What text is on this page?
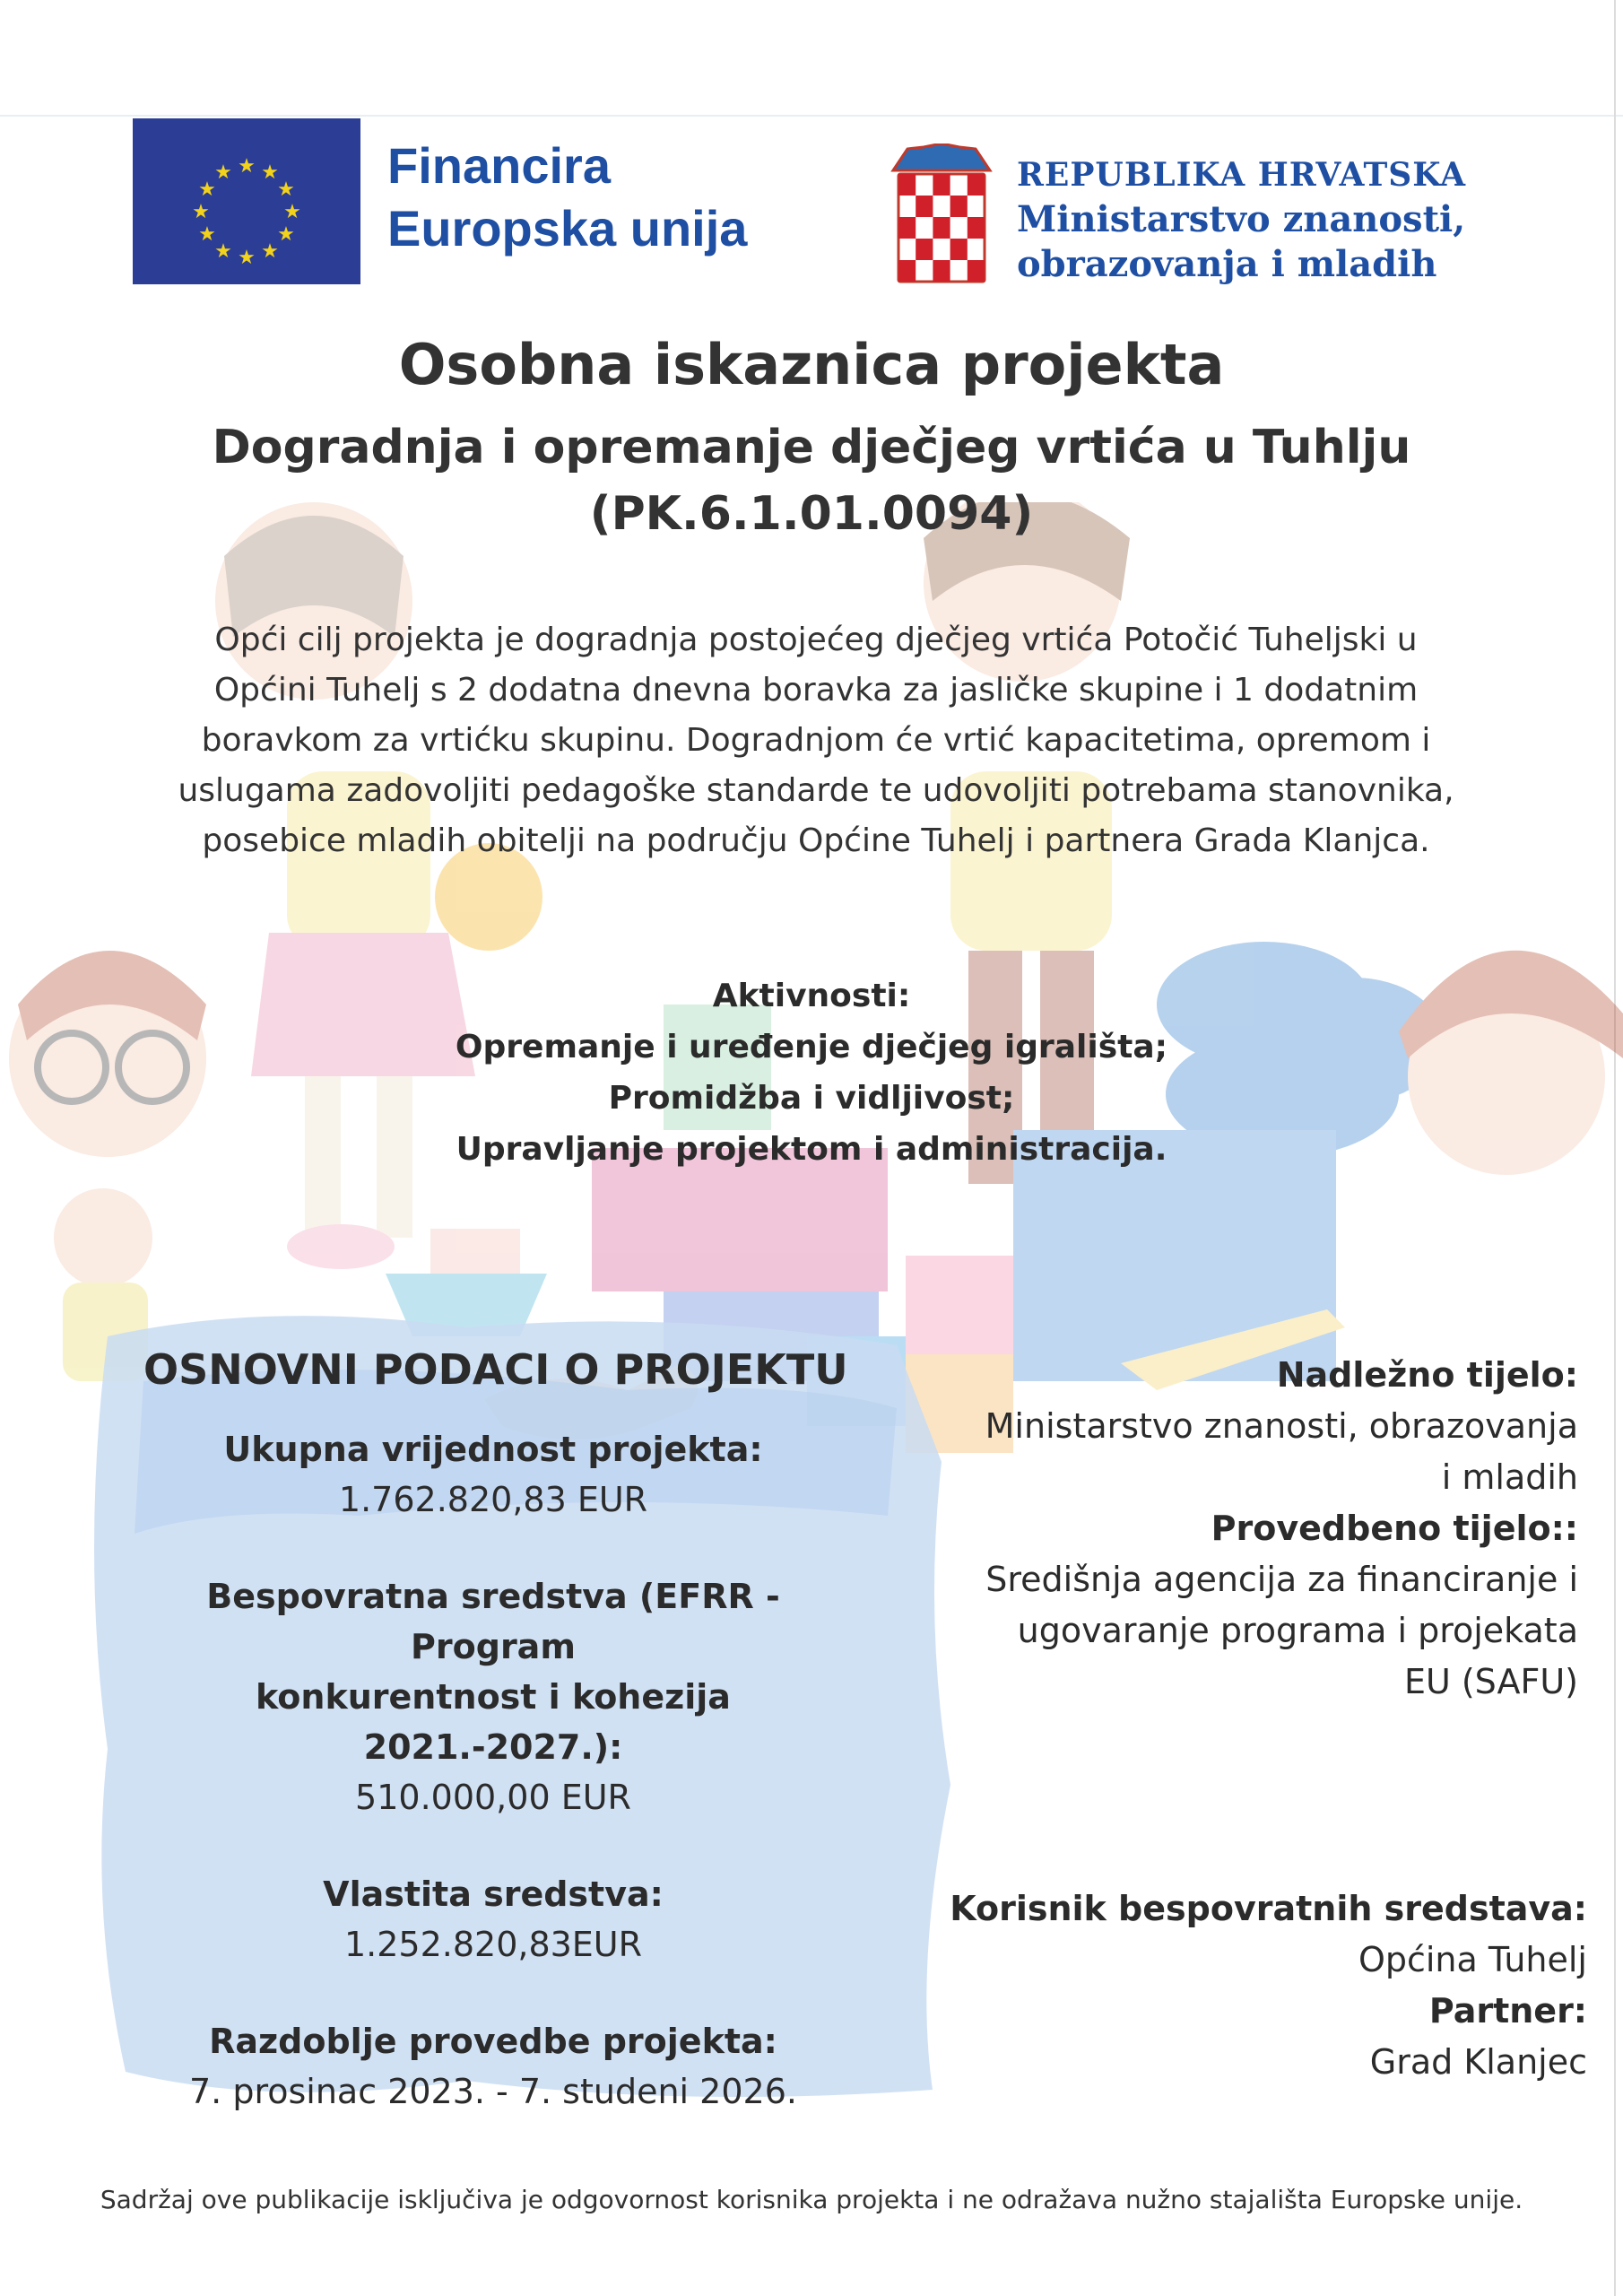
★ ★
★
★
★
★
★
★
★
★
★
★	Financira
Europska unija
REPUBLIKA HRVATSKA
Ministarstvo znanosti,
obrazovanja i mladih
Osobna iskaznica projekta
Dogradnja i opremanje dječjeg vrtića u Tuhlju
(PK.6.1.01.0094)
Opći cilj projekta je dogradnja postojećeg dječjeg vrtića Potočić Tuheljski u Općini Tuhelj s 2 dodatna dnevna boravka za jasličke skupine i 1 dodatnim boravkom za vrtićku skupinu. Dogradnjom će vrtić kapacitetima, opremom i uslugama zadovoljiti pedagoške standarde te udovoljiti potrebama stanovnika, posebice mladih obitelji na području Općine Tuhelj i partnera Grada Klanjca.
Aktivnosti:
Opremanje i uređenje dječjeg igrališta;
Promidžba i vidljivost;
Upravljanje projektom i administracija.
OSNOVNI PODACI O PROJEKTU
Ukupna vrijednost projekta:
1.762.820,83 EUR
Bespovratna sredstva (EFRR - Program
konkurentnost i kohezija 2021.-2027.):
510.000,00 EUR
Vlastita sredstva:
1.252.820,83EUR
Razdoblje provedbe projekta:
7. prosinac 2023. - 7. studeni 2026.
Nadležno tijelo:
Ministarstvo znanosti, obrazovanja
i mladih
Provedbeno tijelo::
Središnja agencija za financiranje i
ugovaranje programa i projekata
EU (SAFU)
Korisnik bespovratnih sredstava:
Općina Tuhelj
Partner:
Grad Klanjec
Sadržaj ove publikacije isključiva je odgovornost korisnika projekta i ne odražava nužno stajališta Europske unije.
